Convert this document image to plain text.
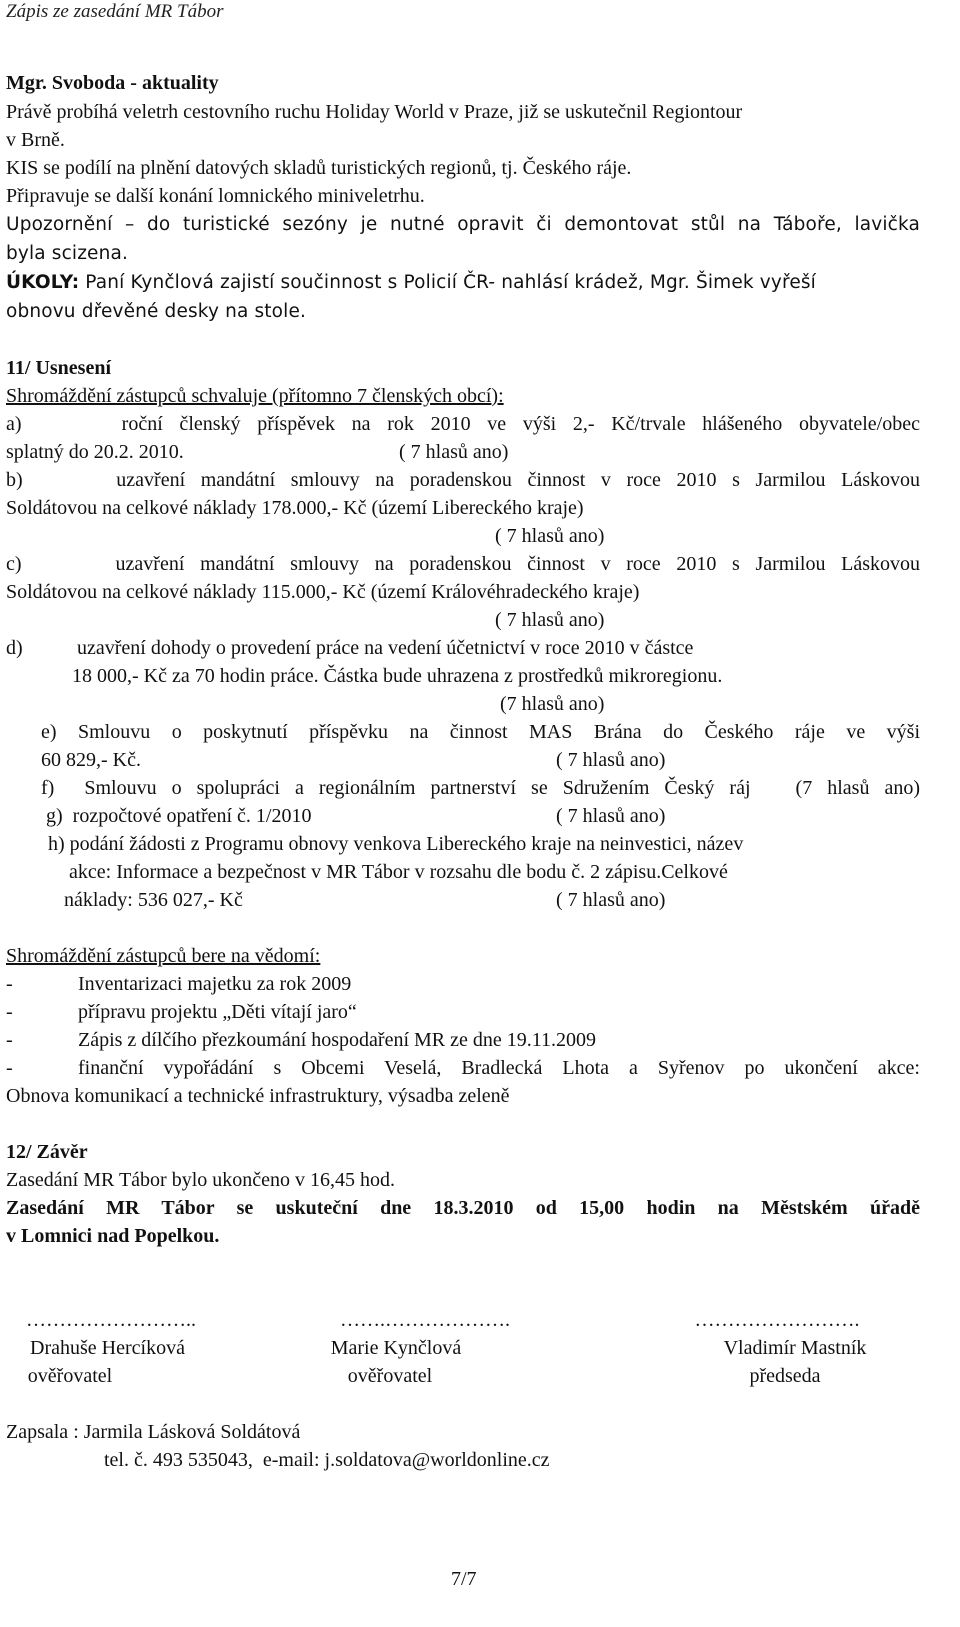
Zápis ze zasedání MR Tábor
Mgr. Svoboda - aktuality
Právě probíhá veletrh cestovního ruchu Holiday World v Praze, již se uskutečnil Regiontour
v Brně.
KIS se podílí na plnění datových skladů turistických regionů, tj. Českého ráje.
Připravuje se další konání lomnického miniveletrhu.
Upozornění – do turistické sezóny je nutné opravit či demontovat stůl na Táboře, lavička
byla scizena.
ÚKOLY: Paní Kynčlová zajistí součinnost s Policií ČR- nahlásí krádež, Mgr. Šimek vyřeší
obnovu dřevěné desky na stole.
11/ Usnesení
Shromáždění zástupců schvaluje (přítomno 7 členských obcí):
a)      roční členský příspěvek na rok 2010 ve výši 2,- Kč/trvale hlášeného obyvatele/obec
splatný do 20.2. 2010.	( 7 hlasů ano)
b)      uzavření mandátní smlouvy na poradenskou činnost v roce 2010 s Jarmilou Láskovou
Soldátovou na celkové náklady 178.000,- Kč (území Libereckého kraje)
( 7 hlasů ano)
c)      uzavření mandátní smlouvy na poradenskou činnost v roce 2010 s Jarmilou Láskovou
Soldátovou na celkové náklady 115.000,- Kč (území Královéhradeckého kraje)
( 7 hlasů ano)
d)	uzavření dohody o provedení práce na vedení účetnictví v roce 2010 v částce
18 000,- Kč za 70 hodin práce. Částka bude uhrazena z prostředků mikroregionu.
(7 hlasů ano)
e) Smlouvu o poskytnutí příspěvku na činnost MAS Brána do Českého ráje ve výši
60 829,- Kč.	( 7 hlasů ano)
f)  Smlouvu o spolupráci a regionálním partnerství se Sdružením Český ráj   (7 hlasů ano)
g)  rozpočtové opatření č. 1/2010	( 7 hlasů ano)
h) podání žádosti z Programu obnovy venkova Libereckého kraje na neinvestici, název
akce: Informace a bezpečnost v MR Tábor v rozsahu dle bodu č. 2 zápisu.Celkové
náklady: 536 027,- Kč	( 7 hlasů ano)
Shromáždění zástupců bere na vědomí:
-	Inventarizaci majetku za rok 2009
-	přípravu projektu „Děti vítají jaro“
-	Zápis z dílčího přezkoumání hospodaření MR ze dne 19.11.2009
-	finanční vypořádání s Obcemi Veselá, Bradlecká Lhota a Syřenov po ukončení akce:
Obnova komunikací a technické infrastruktury, výsadba zeleně
12/ Závěr
Zasedání MR Tábor bylo ukončeno v 16,45 hod.
Zasedání MR Tábor se uskuteční dne 18.3.2010 od 15,00 hodin na Městském úřadě
v Lomnici nad Popelkou.
……………………..
Drahuše Hercíková
ověřovatel
…….……………….
Marie Kynčlová
ověřovatel
…………………….
Vladimír Mastník
předseda
Zapsala : Jarmila Lásková Soldátová
tel. č. 493 535043,  e-mail: j.soldatova@worldonline.cz
7/7
